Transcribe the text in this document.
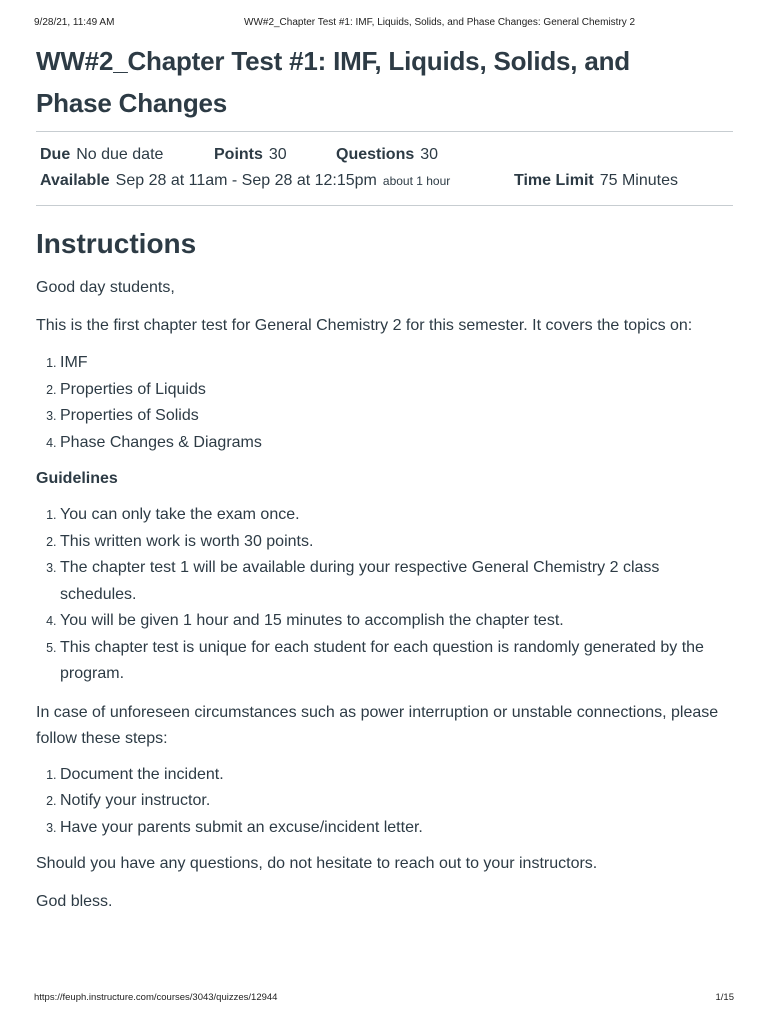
9/28/21, 11:49 AM	WW#2_Chapter Test #1: IMF, Liquids, Solids, and Phase Changes: General Chemistry 2
WW#2_Chapter Test #1: IMF, Liquids, Solids, and
Phase Changes
Due No due date	Points 30	Questions 30
Available Sep 28 at 11am - Sep 28 at 12:15pm about 1 hour	Time Limit 75 Minutes
Instructions

Good day students,

This is the first chapter test for General Chemistry 2 for this semester. It covers the topics on:

1. IMF
2. Properties of Liquids
3. Properties of Solids
4. Phase Changes & Diagrams
Guidelines
1. You can only take the exam once.
2. This written work is worth 30 points.
3. The chapter test 1 will be available during your respective General Chemistry 2 class schedules.
4. You will be given 1 hour and 15 minutes to accomplish the chapter test.
5. This chapter test is unique for each student for each question is randomly generated by the program.

In case of unforeseen circumstances such as power interruption or unstable connections, please follow these steps:

1. Document the incident.
2. Notify your instructor.
3. Have your parents submit an excuse/incident letter.

Should you have any questions, do not hesitate to reach out to your instructors.

God bless.

https://feuph.instructure.com/courses/3043/quizzes/12944	1/15
